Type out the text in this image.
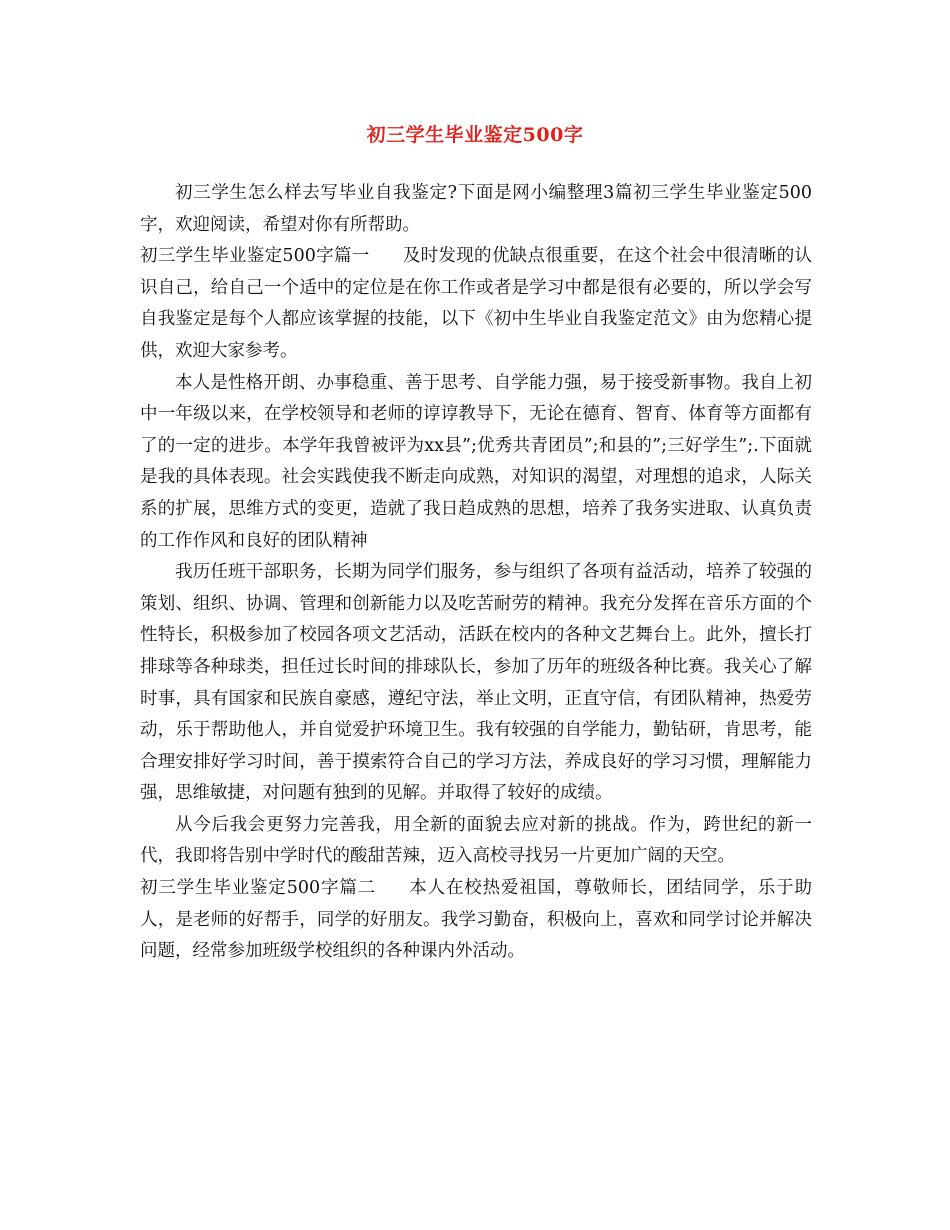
初三学生毕业鉴定500字

初三学生怎么样去写毕业自我鉴定?下面是网小编整理3篇初三学生毕业鉴定500字，欢迎阅读，希望对你有所帮助。

初三学生毕业鉴定500字篇一 及时发现的优缺点很重要，在这个社会中很清晰的认识自己，给自己一个适中的定位是在你工作或者是学习中都是很有必要的，所以学会写自我鉴定是每个人都应该掌握的技能，以下《初中生毕业自我鉴定范文》由为您精心提供，欢迎大家参考。

本人是性格开朗、办事稳重、善于思考、自学能力强，易于接受新事物。我自上初中一年级以来，在学校领导和老师的谆谆教导下，无论在德育、智育、体育等方面都有了的一定的进步。本学年我曾被评为xx县”;优秀共青团员”;和县的”;三好学生”;.下面就是我的具体表现。社会实践使我不断走向成熟，对知识的渴望，对理想的追求，人际关系的扩展，思维方式的变更，造就了我日趋成熟的思想，培养了我务实进取、认真负责的工作作风和良好的团队精神

我历任班干部职务，长期为同学们服务，参与组织了各项有益活动，培养了较强的策划、组织、协调、管理和创新能力以及吃苦耐劳的精神。我充分发挥在音乐方面的个性特长，积极参加了校园各项文艺活动，活跃在校内的各种文艺舞台上。此外，擅长打排球等各种球类，担任过长时间的排球队长，参加了历年的班级各种比赛。我关心了解时事，具有国家和民族自豪感，遵纪守法，举止文明，正直守信，有团队精神，热爱劳动，乐于帮助他人，并自觉爱护环境卫生。我有较强的自学能力，勤钻研，肯思考，能合理安排好学习时间，善于摸索符合自己的学习方法，养成良好的学习习惯，理解能力强，思维敏捷，对问题有独到的见解。并取得了较好的成绩。

从今后我会更努力完善我，用全新的面貌去应对新的挑战。作为，跨世纪的新一代，我即将告别中学时代的酸甜苦辣，迈入高校寻找另一片更加广阔的天空。

初三学生毕业鉴定500字篇二 本人在校热爱祖国，尊敬师长，团结同学，乐于助人，是老师的好帮手，同学的好朋友。我学习勤奋，积极向上，喜欢和同学讨论并解决问题，经常参加班级学校组织的各种课内外活动。
